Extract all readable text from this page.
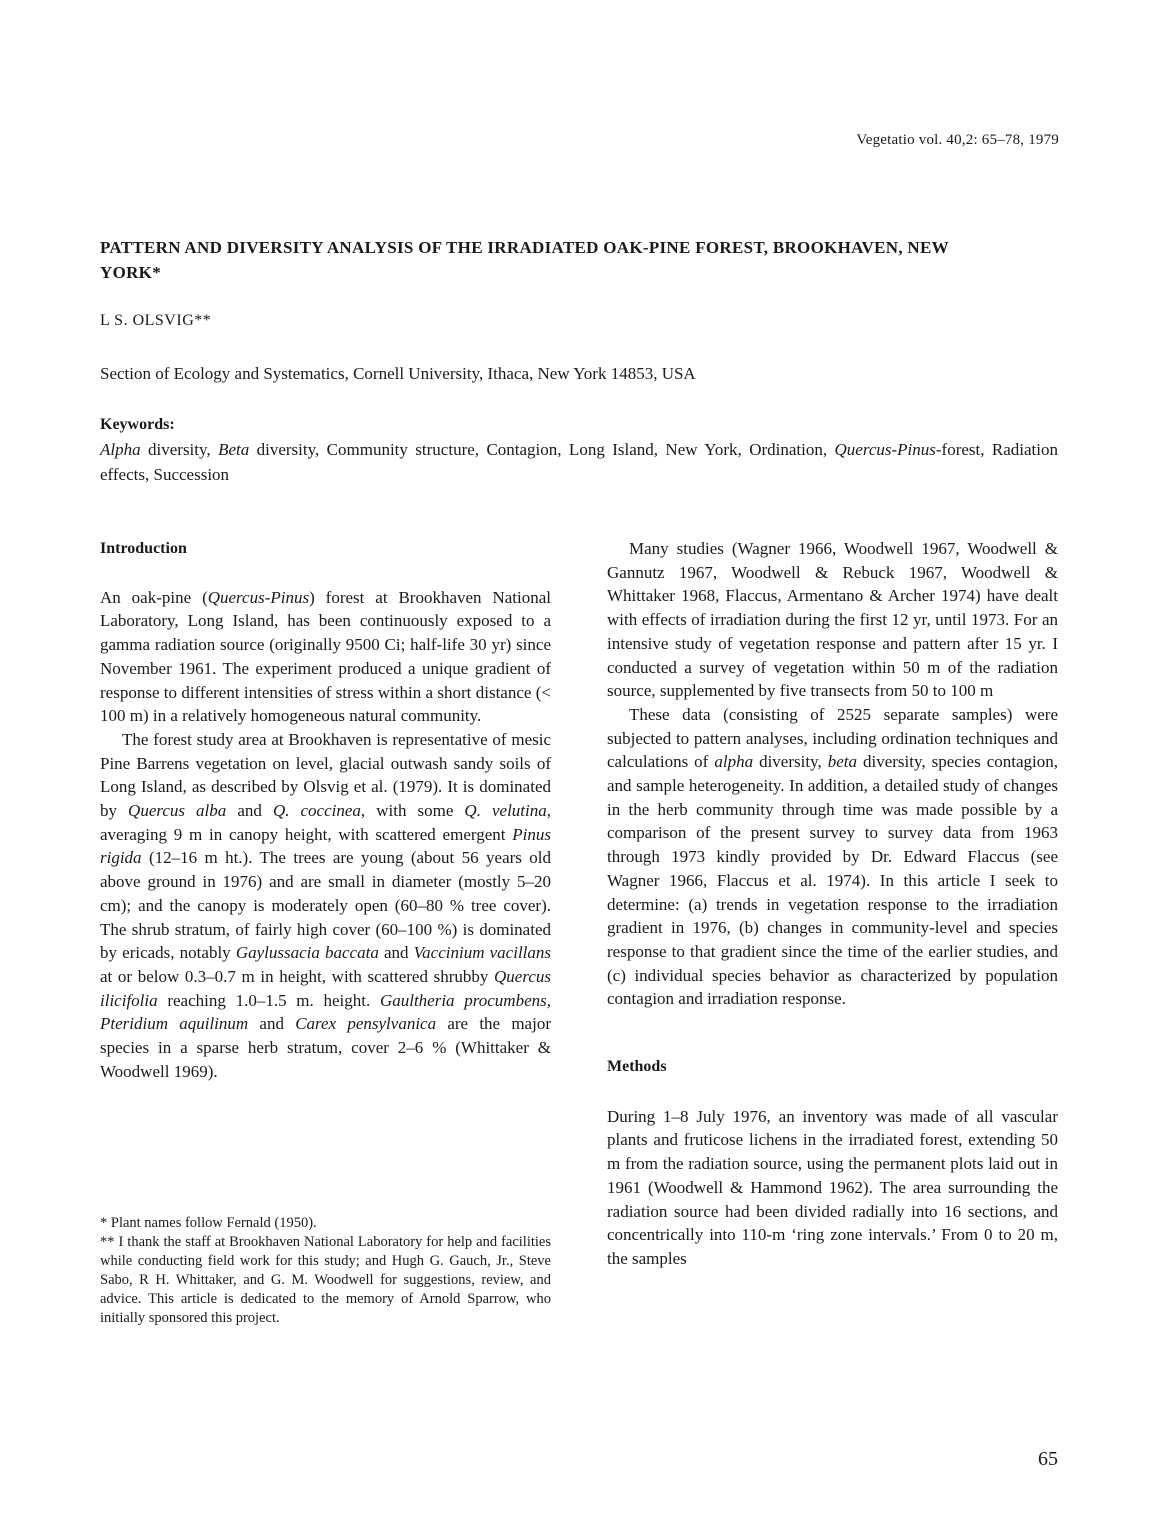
Vegetatio vol. 40,2: 65–78, 1979
PATTERN AND DIVERSITY ANALYSIS OF THE IRRADIATED OAK-PINE FOREST, BROOKHAVEN, NEW YORK*
L S. OLSVIG**
Section of Ecology and Systematics, Cornell University, Ithaca, New York 14853, USA
Keywords:
Alpha diversity, Beta diversity, Community structure, Contagion, Long Island, New York, Ordination, Quercus-Pinus-forest, Radiation effects, Succession

Introduction

An oak-pine (Quercus-Pinus) forest at Brookhaven National Laboratory, Long Island, has been continuously exposed to a gamma radiation source (originally 9500 Ci; half-life 30 yr) since November 1961. The experiment produced a unique gradient of response to different intensities of stress within a short distance (< 100 m) in a relatively homogeneous natural community.

The forest study area at Brookhaven is representative of mesic Pine Barrens vegetation on level, glacial outwash sandy soils of Long Island, as described by Olsvig et al. (1979). It is dominated by Quercus alba and Q. coccinea, with some Q. velutina, averaging 9 m in canopy height, with scattered emergent Pinus rigida (12–16 m ht.). The trees are young (about 56 years old above ground in 1976) and are small in diameter (mostly 5–20 cm); and the canopy is moderately open (60–80 % tree cover). The shrub stratum, of fairly high cover (60–100 %) is dominated by ericads, notably Gaylussacia baccata and Vaccinium vacillans at or below 0.3–0.7 m in height, with scattered shrubby Quercus ilicifolia reaching 1.0–1.5 m. height. Gaultheria procumbens, Pteridium aquilinum and Carex pensylvanica are the major species in a sparse herb stratum, cover 2–6 % (Whittaker & Woodwell 1969).

* Plant names follow Fernald (1950).
** I thank the staff at Brookhaven National Laboratory for help and facilities while conducting field work for this study; and Hugh G. Gauch, Jr., Steve Sabo, R H. Whittaker, and G. M. Woodwell for suggestions, review, and advice. This article is dedicated to the memory of Arnold Sparrow, who initially sponsored this project.

Many studies (Wagner 1966, Woodwell 1967, Woodwell & Gannutz 1967, Woodwell & Rebuck 1967, Woodwell & Whittaker 1968, Flaccus, Armentano & Archer 1974) have dealt with effects of irradiation during the first 12 yr, until 1973. For an intensive study of vegetation response and pattern after 15 yr. I conducted a survey of vegetation within 50 m of the radiation source, supplemented by five transects from 50 to 100 m

These data (consisting of 2525 separate samples) were subjected to pattern analyses, including ordination techniques and calculations of alpha diversity, beta diversity, species contagion, and sample heterogeneity. In addition, a detailed study of changes in the herb community through time was made possible by a comparison of the present survey to survey data from 1963 through 1973 kindly provided by Dr. Edward Flaccus (see Wagner 1966, Flaccus et al. 1974). In this article I seek to determine: (a) trends in vegetation response to the irradiation gradient in 1976, (b) changes in community-level and species response to that gradient since the time of the earlier studies, and (c) individual species behavior as characterized by population contagion and irradiation response.

Methods

During 1–8 July 1976, an inventory was made of all vascular plants and fruticose lichens in the irradiated forest, extending 50 m from the radiation source, using the permanent plots laid out in 1961 (Woodwell & Hammond 1962). The area surrounding the radiation source had been divided radially into 16 sections, and concentrically into 110-m ‘ring zone intervals.’ From 0 to 20 m, the samples

65
